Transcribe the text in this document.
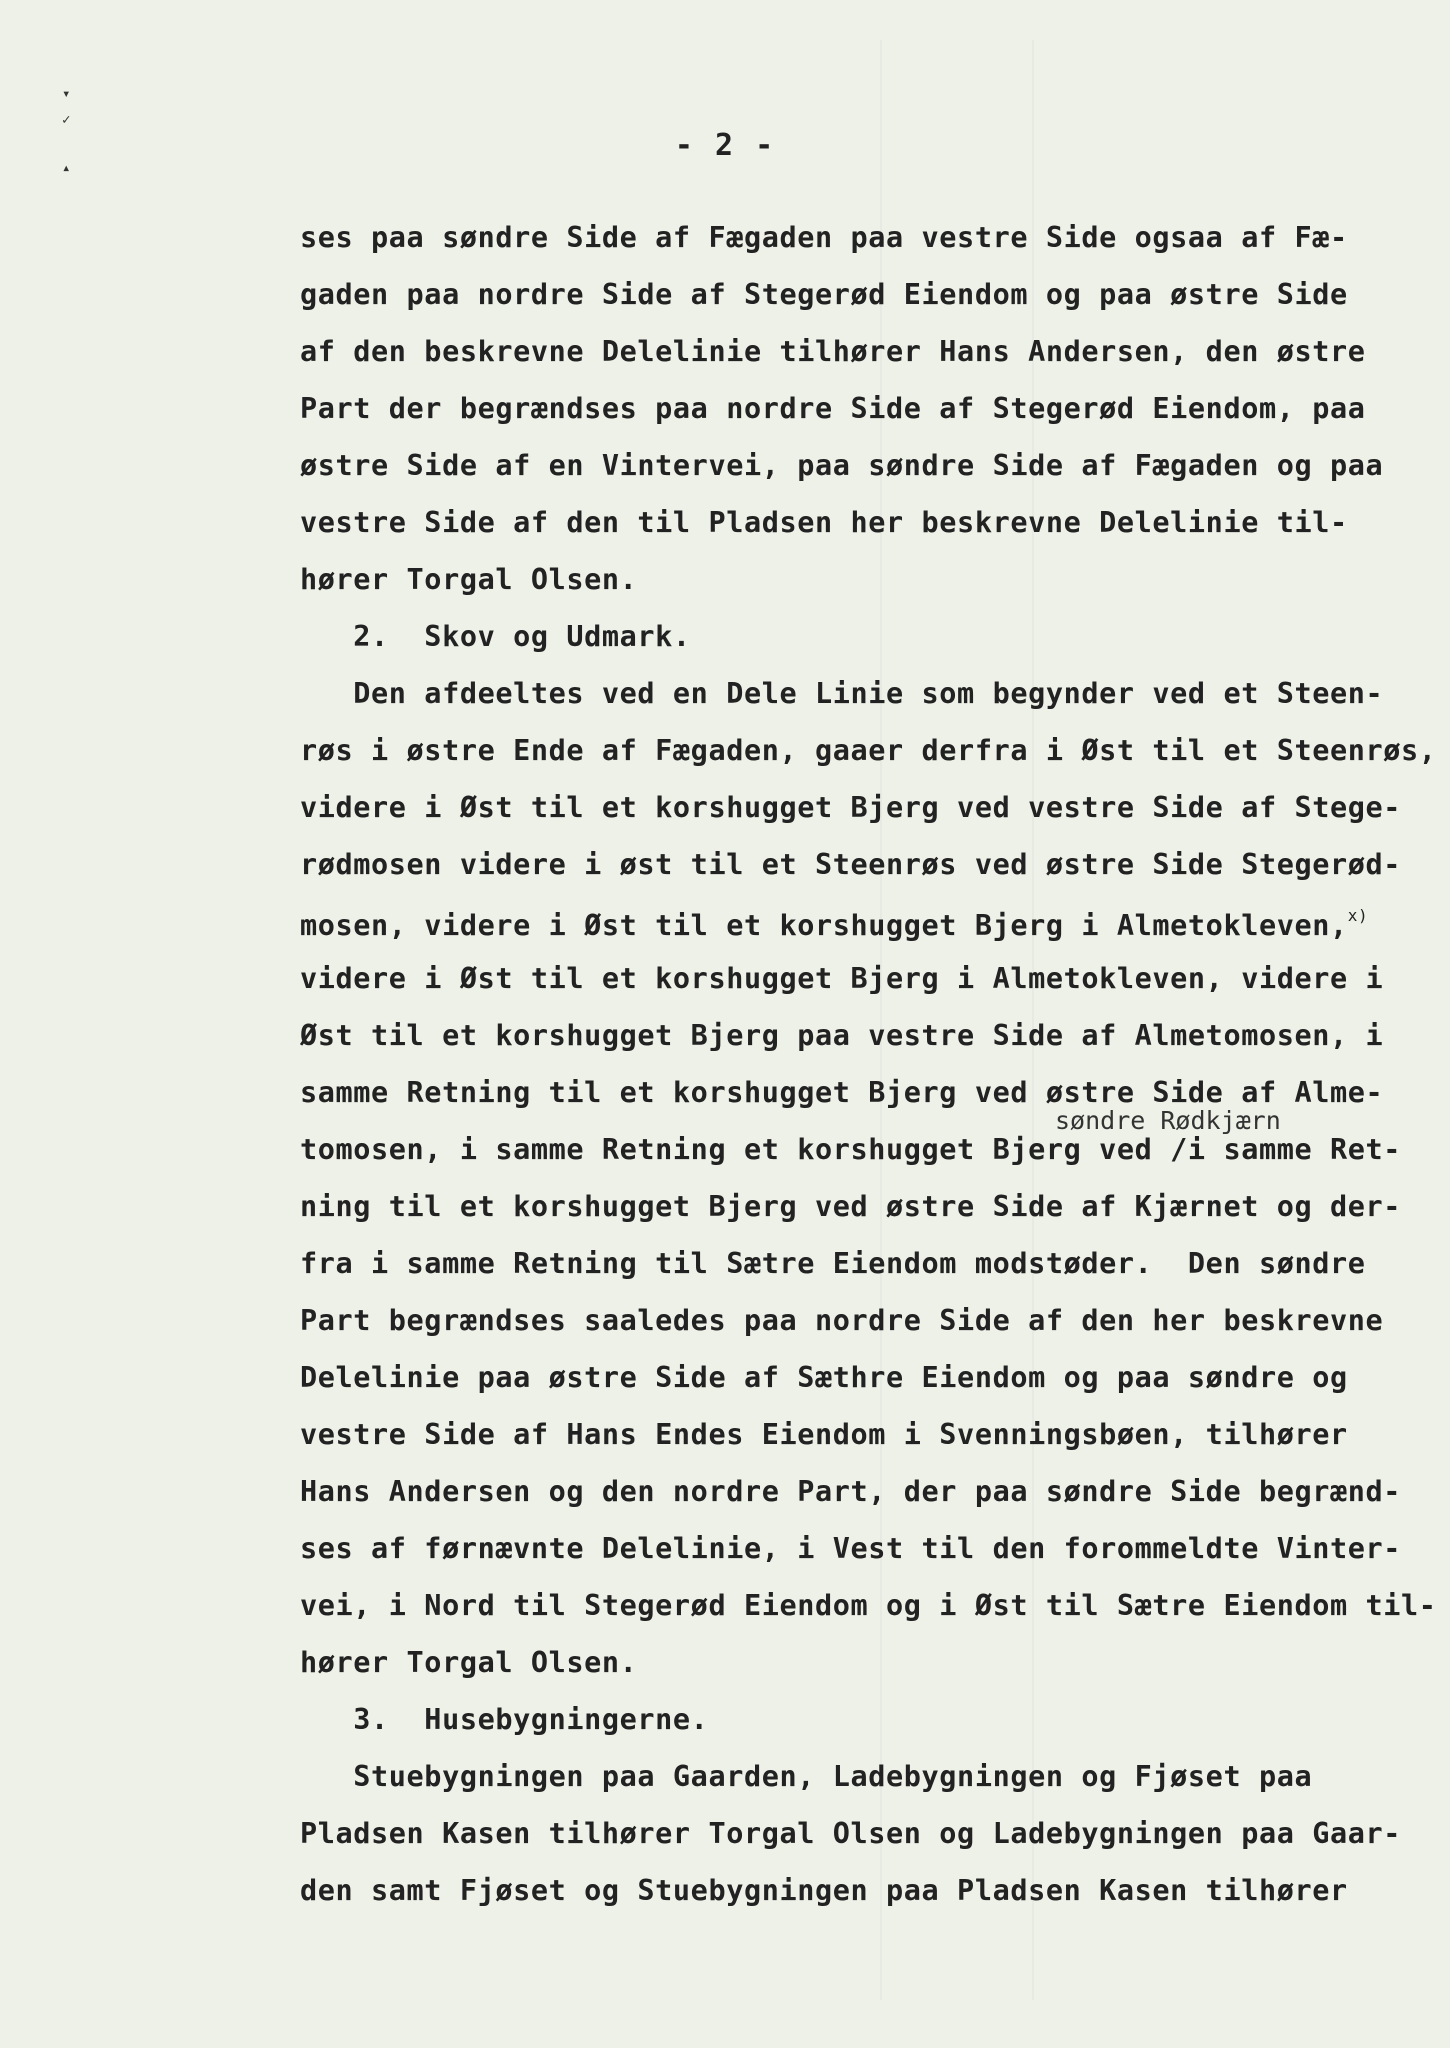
▾
✓
▴
- 2 -
ses paa søndre Side af Fægaden paa vestre Side ogsaa af Fæ-
gaden paa nordre Side af Stegerød Eiendom og paa østre Side
af den beskrevne Delelinie tilhører Hans Andersen, den østre
Part der begrændses paa nordre Side af Stegerød Eiendom, paa
østre Side af en Vintervei, paa søndre Side af Fægaden og paa
vestre Side af den til Pladsen her beskrevne Delelinie til-
hører Torgal Olsen.
2.  Skov og Udmark.
Den afdeeltes ved en Dele Linie som begynder ved et Steen-
røs i østre Ende af Fægaden, gaaer derfra i Øst til et Steenrøs,
videre i Øst til et korshugget Bjerg ved vestre Side af Stege-
rødmosen videre i øst til et Steenrøs ved østre Side Stegerød-
mosen, videre i Øst til et korshugget Bjerg i Almetokleven,$^{x)}$
videre i Øst til et korshugget Bjerg i Almetokleven, videre i
Øst til et korshugget Bjerg paa vestre Side af Almetomosen, i
samme Retning til et korshugget Bjerg ved østre Side af Alme-
søndre Rødkjærn
tomosen, i samme Retning et korshugget Bjerg ved /i samme Ret-
ning til et korshugget Bjerg ved østre Side af Kjærnet og der-
fra i samme Retning til Sætre Eiendom modstøder.  Den søndre
Part begrændses saaledes paa nordre Side af den her beskrevne
Delelinie paa østre Side af Sæthre Eiendom og paa søndre og
vestre Side af Hans Endes Eiendom i Svenningsbøen, tilhører
Hans Andersen og den nordre Part, der paa søndre Side begrænd-
ses af førnævnte Delelinie, i Vest til den forommeldte Vinter-
vei, i Nord til Stegerød Eiendom og i Øst til Sætre Eiendom til-
hører Torgal Olsen.
3.  Husebygningerne.
Stuebygningen paa Gaarden, Ladebygningen og Fjøset paa
Pladsen Kasen tilhører Torgal Olsen og Ladebygningen paa Gaar-
den samt Fjøset og Stuebygningen paa Pladsen Kasen tilhører
